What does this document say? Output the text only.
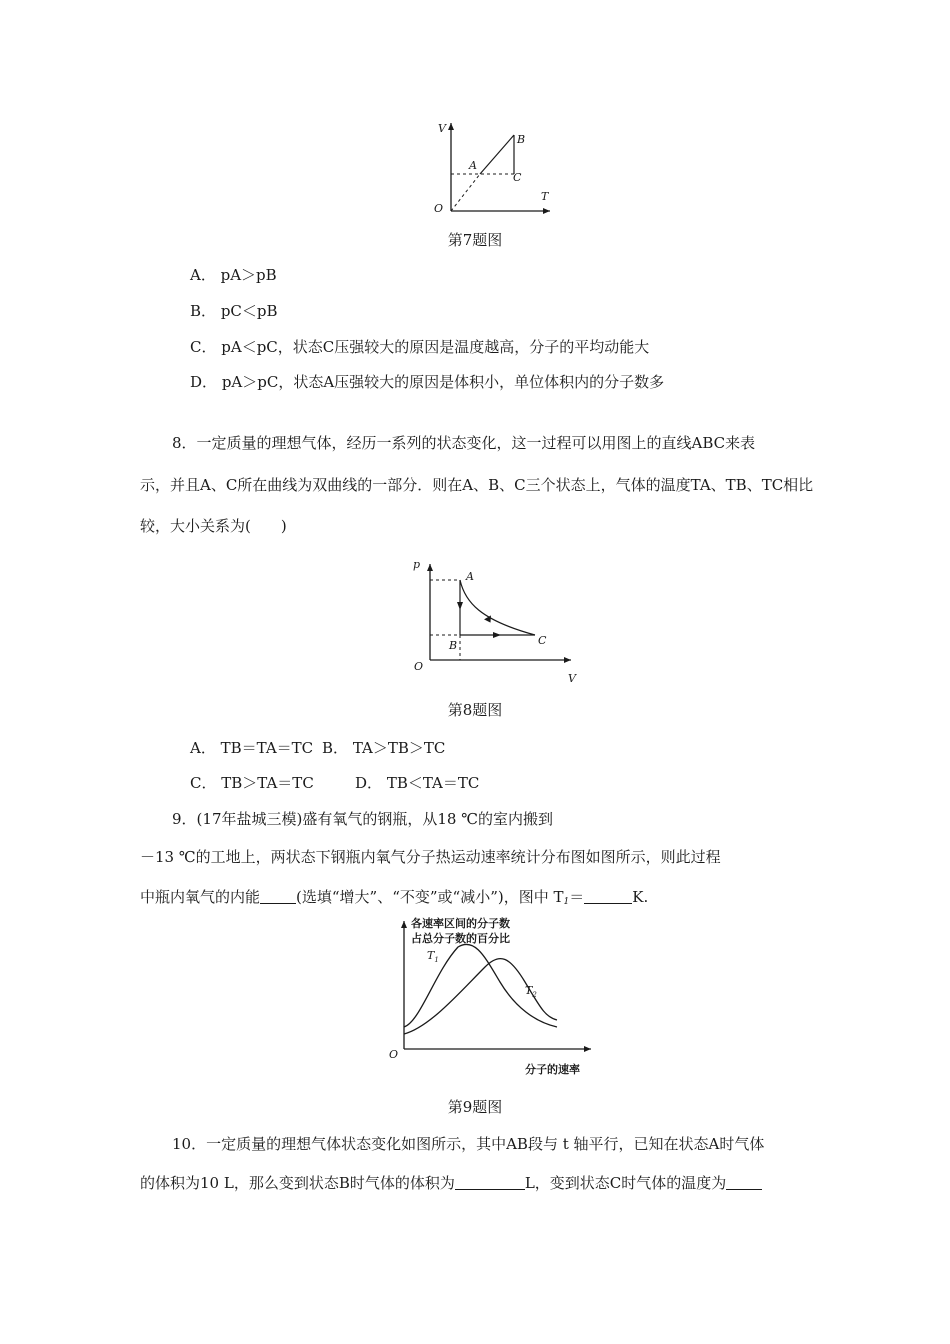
V
T
O
A
B
C
第7题图
A． pA＞pB
B． pC＜pB
C． pA＜pC，状态C压强较大的原因是温度越高，分子的平均动能大
D． pA＞pC，状态A压强较大的原因是体积小，单位体积内的分子数多
8．一定质量的理想气体，经历一系列的状态变化，这一过程可以用图上的直线ABC来表
示，并且A、C所在曲线为双曲线的一部分．则在A、B、C三个状态上，气体的温度TA、TB、TC相比
较，大小关系为(　　)
p
V
O
A
B	C
第8题图
A． TB＝TA＝TC B． TA＞TB＞TC
C． TB＞TA＝TC	D． TB＜TA＝TC
9．(17年盐城三模)盛有氧气的钢瓶，从18 ℃的室内搬到
－13 ℃的工地上，两状态下钢瓶内氧气分子热运动速率统计分布图如图所示，则此过程
中瓶内氧气的内能 (选填“增大”、“不变”或“减小”)，图中 $T_1=$	K.
各速率区间的分子数
占总分子数的百分比
分子的速率
O
$T_1$
$T_2$
第9题图
10．一定质量的理想气体状态变化如图所示，其中AB段与 t 轴平行，已知在状态A时气体
的体积为10 L，那么变到状态B时气体的体积为	L，变到状态C时气体的温度为
